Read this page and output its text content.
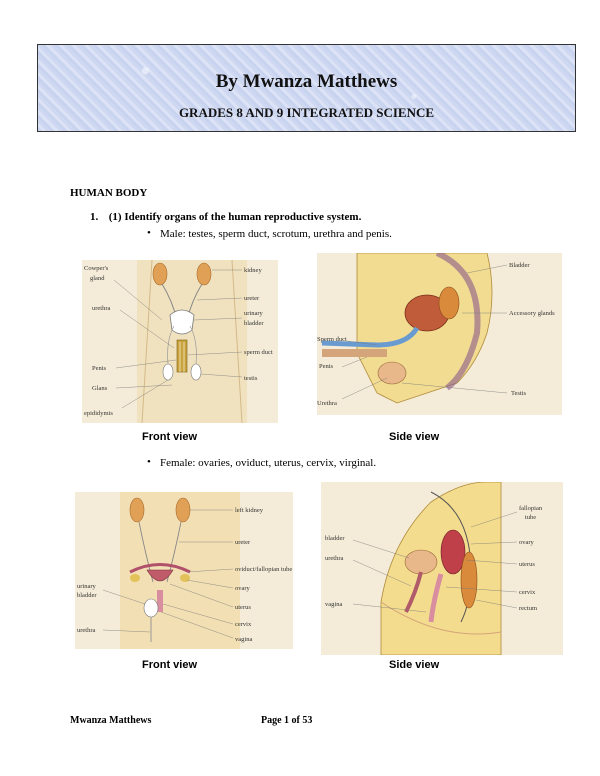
By Mwanza Matthews
GRADES 8 AND 9 INTEGRATED SCIENCE
HUMAN BODY
1. (1) Identify organs of the human reproductive system.
• Male: testes, sperm duct, scrotum, urethra and penis.
Cowper's
gland
urethra
Penis
Glans
epididymis
kidney
ureter
urinary
bladder
sperm duct
testis
Bladder
Accessory glands
Sperm duct
Penis
Urethra
Testis
Front view	Side view
• Female: ovaries, oviduct, uterus, cervix, virginal.
left kidney
ureter
oviduct/fallopian tube
ovary
uterus
cervix
vagina
urinary
bladder
urethra
fallopian
tube
ovary
uterus
cervix
rectum
bladder
urethra
vagina
Front view	Side view
Mwanza Matthews	Page 1 of 53
